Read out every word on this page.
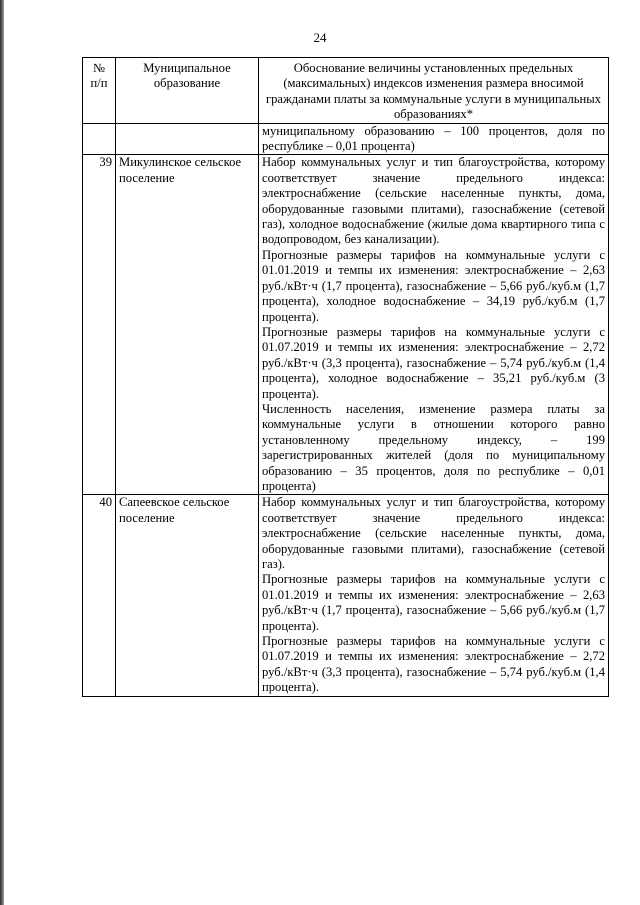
24
№
п/п	Муниципальное образование	Обоснование величины установленных предельных (максимальных) индексов изменения размера вносимой гражданами платы за коммунальные услуги в муниципальных образованиях*

		муниципальному образованию – 100 процентов, доля по республике – 0,01 процента)

39	Микулинское сельское поселение	Набор коммунальных услуг и тип благоустройства, которому соответствует значение предельного индекса: электроснабжение (сельские населенные пункты, дома, оборудованные газовыми плитами), газоснабжение (сетевой газ), холодное водоснабжение (жилые дома квартирного типа с водопроводом, без канализации).
Прогнозные размеры тарифов на коммунальные услуги с 01.01.2019 и темпы их изменения: электроснабжение – 2,63 руб./кВт·ч (1,7 процента), газоснабжение – 5,66 руб./куб.м (1,7 процента), холодное водоснабжение – 34,19 руб./куб.м (1,7 процента).
Прогнозные размеры тарифов на коммунальные услуги с 01.07.2019 и темпы их изменения: электроснабжение – 2,72 руб./кВт·ч (3,3 процента), газоснабжение – 5,74 руб./куб.м (1,4 процента), холодное водоснабжение – 35,21 руб./куб.м (3 процента).
Численность населения, изменение размера платы за коммунальные услуги в отношении которого равно установленному предельному индексу, – 199 зарегистрированных жителей (доля по муниципальному образованию – 35 процентов, доля по республике – 0,01 процента)

40	Сапеевское сельское поселение	Набор коммунальных услуг и тип благоустройства, которому соответствует значение предельного индекса: электроснабжение (сельские населенные пункты, дома, оборудованные газовыми плитами), газоснабжение (сетевой газ).
Прогнозные размеры тарифов на коммунальные услуги с 01.01.2019 и темпы их изменения: электроснабжение – 2,63 руб./кВт·ч (1,7 процента), газоснабжение – 5,66 руб./куб.м (1,7 процента).
Прогнозные размеры тарифов на коммунальные услуги с 01.07.2019 и темпы их изменения: электроснабжение – 2,72 руб./кВт·ч (3,3 процента), газоснабжение – 5,74 руб./куб.м (1,4 процента).
